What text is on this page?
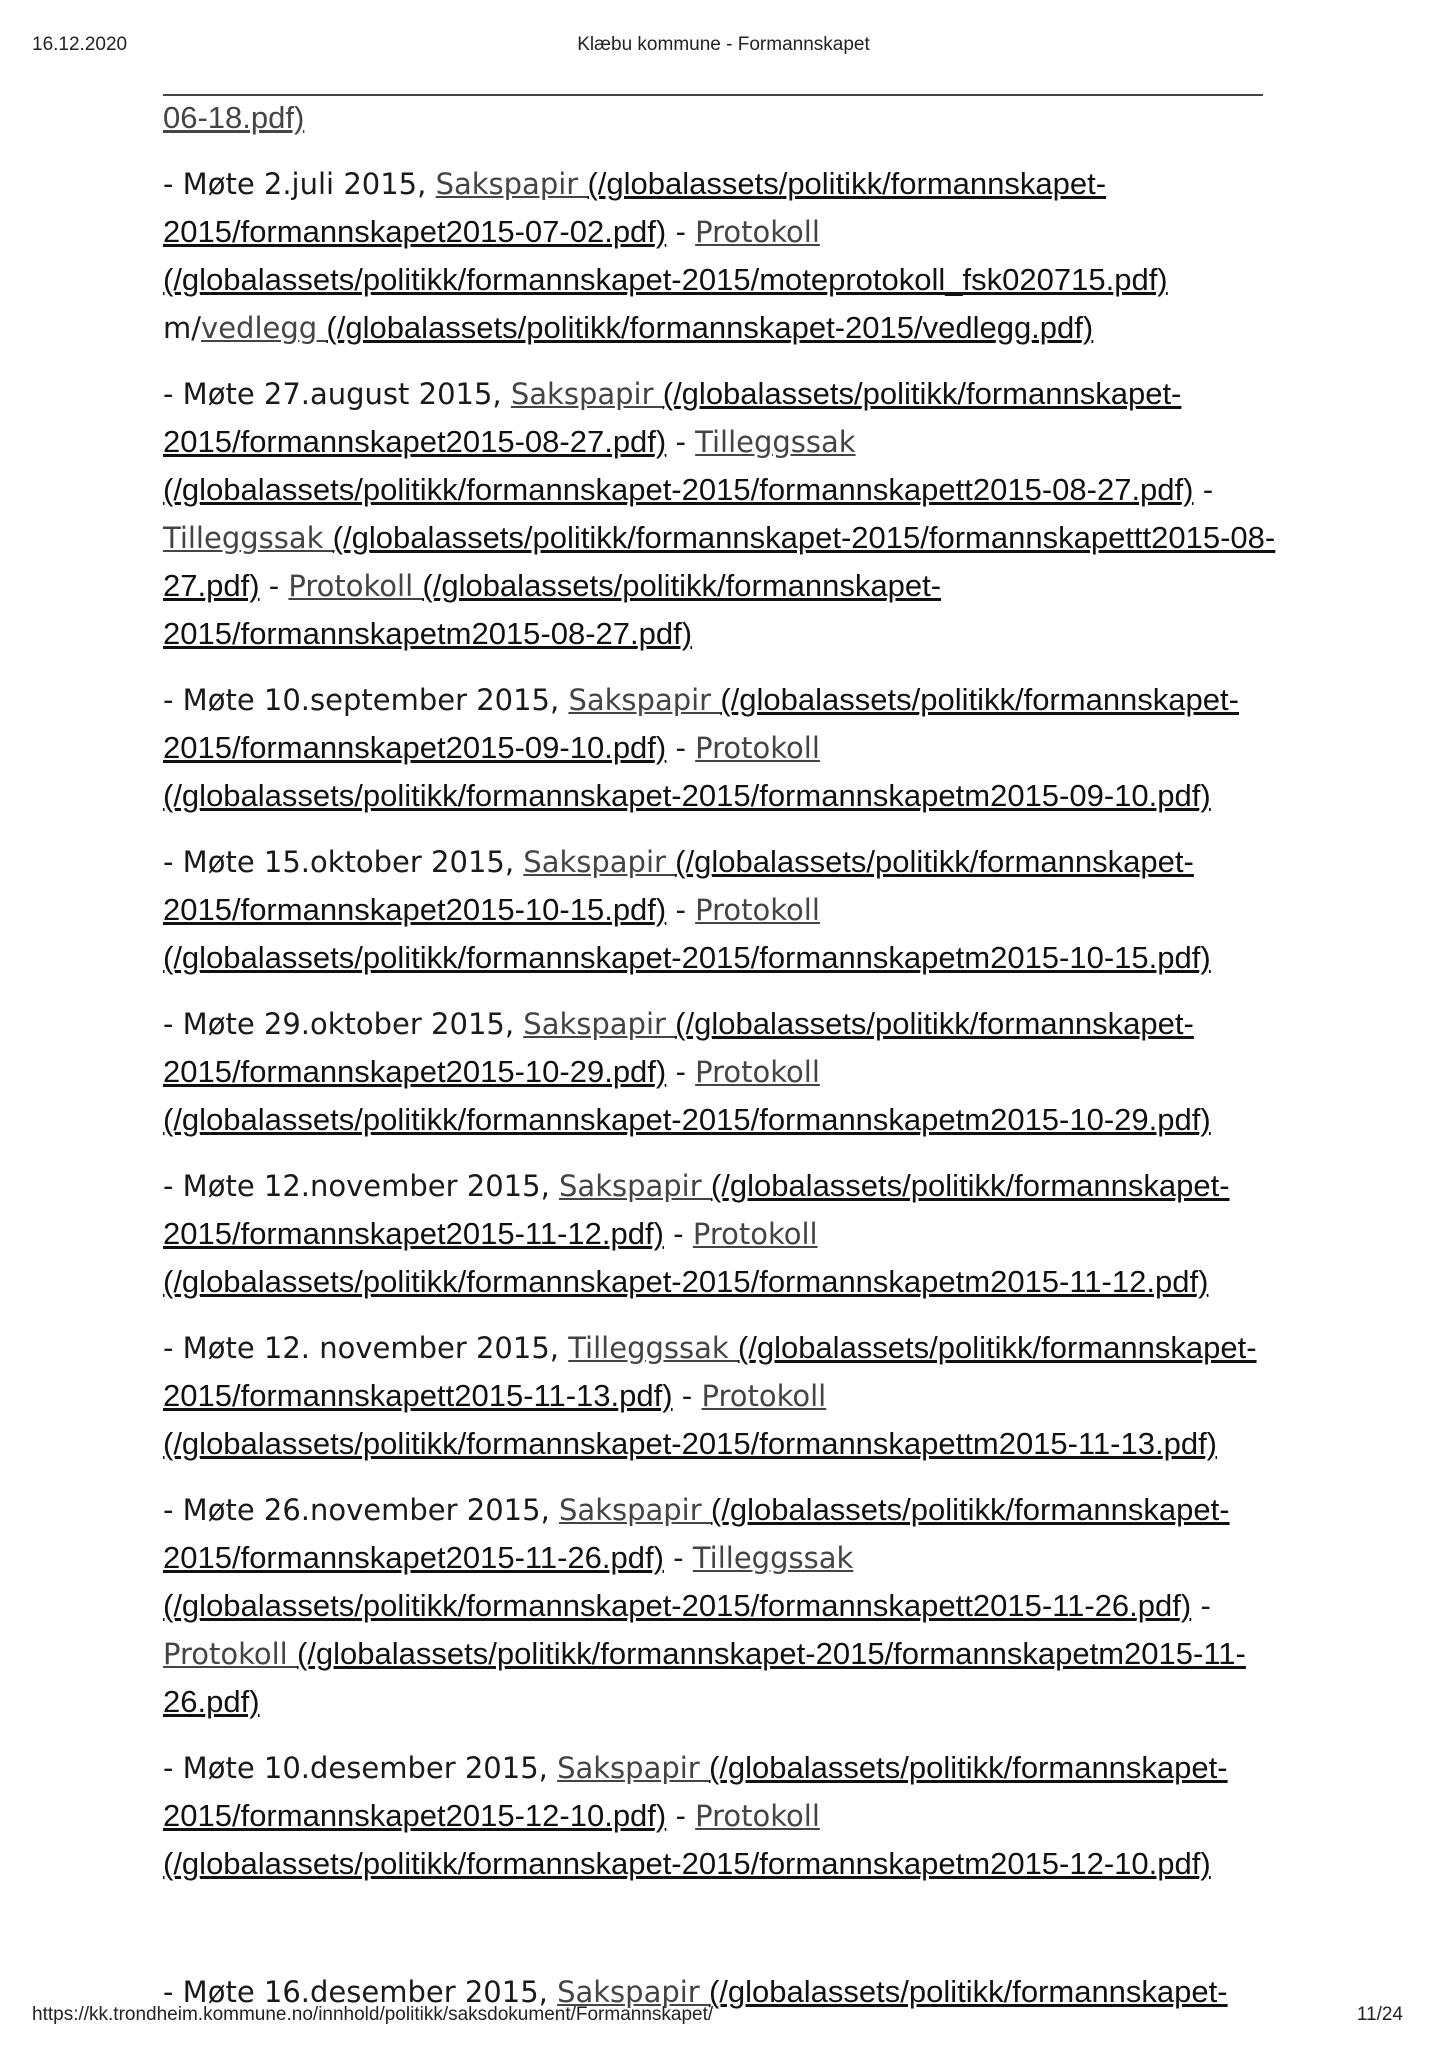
16.12.2020	Klæbu kommune - Formannskapet
06-18.pdf)
- Møte 2.juli 2015, Sakspapir (/globalassets/politikk/formannskapet-2015/formannskapet2015-07-02.pdf) - Protokoll (/globalassets/politikk/formannskapet-2015/moteprotokoll_fsk020715.pdf) m/vedlegg (/globalassets/politikk/formannskapet-2015/vedlegg.pdf)
- Møte 27.august 2015, Sakspapir (/globalassets/politikk/formannskapet-2015/formannskapet2015-08-27.pdf) - Tilleggssak (/globalassets/politikk/formannskapet-2015/formannskapett2015-08-27.pdf) - Tilleggssak (/globalassets/politikk/formannskapet-2015/formannskapettt2015-08-27.pdf) - Protokoll (/globalassets/politikk/formannskapet-2015/formannskapetm2015-08-27.pdf)
- Møte 10.september 2015, Sakspapir (/globalassets/politikk/formannskapet-2015/formannskapet2015-09-10.pdf) - Protokoll (/globalassets/politikk/formannskapet-2015/formannskapetm2015-09-10.pdf)
- Møte 15.oktober 2015, Sakspapir (/globalassets/politikk/formannskapet-2015/formannskapet2015-10-15.pdf) - Protokoll (/globalassets/politikk/formannskapet-2015/formannskapetm2015-10-15.pdf)
- Møte 29.oktober 2015, Sakspapir (/globalassets/politikk/formannskapet-2015/formannskapet2015-10-29.pdf) - Protokoll (/globalassets/politikk/formannskapet-2015/formannskapetm2015-10-29.pdf)
- Møte 12.november 2015, Sakspapir (/globalassets/politikk/formannskapet-2015/formannskapet2015-11-12.pdf) - Protokoll (/globalassets/politikk/formannskapet-2015/formannskapetm2015-11-12.pdf)
- Møte 12. november 2015, Tilleggssak (/globalassets/politikk/formannskapet-2015/formannskapett2015-11-13.pdf) - Protokoll (/globalassets/politikk/formannskapet-2015/formannskapettm2015-11-13.pdf)
- Møte 26.november 2015, Sakspapir (/globalassets/politikk/formannskapet-2015/formannskapet2015-11-26.pdf) - Tilleggssak (/globalassets/politikk/formannskapet-2015/formannskapett2015-11-26.pdf) - Protokoll (/globalassets/politikk/formannskapet-2015/formannskapetm2015-11-26.pdf)
- Møte 10.desember 2015, Sakspapir (/globalassets/politikk/formannskapet-2015/formannskapet2015-12-10.pdf) - Protokoll (/globalassets/politikk/formannskapet-2015/formannskapetm2015-12-10.pdf)
- Møte 16.desember 2015, Sakspapir (/globalassets/politikk/formannskapet-
https://kk.trondheim.kommune.no/innhold/politikk/saksdokument/Formannskapet/	11/24
